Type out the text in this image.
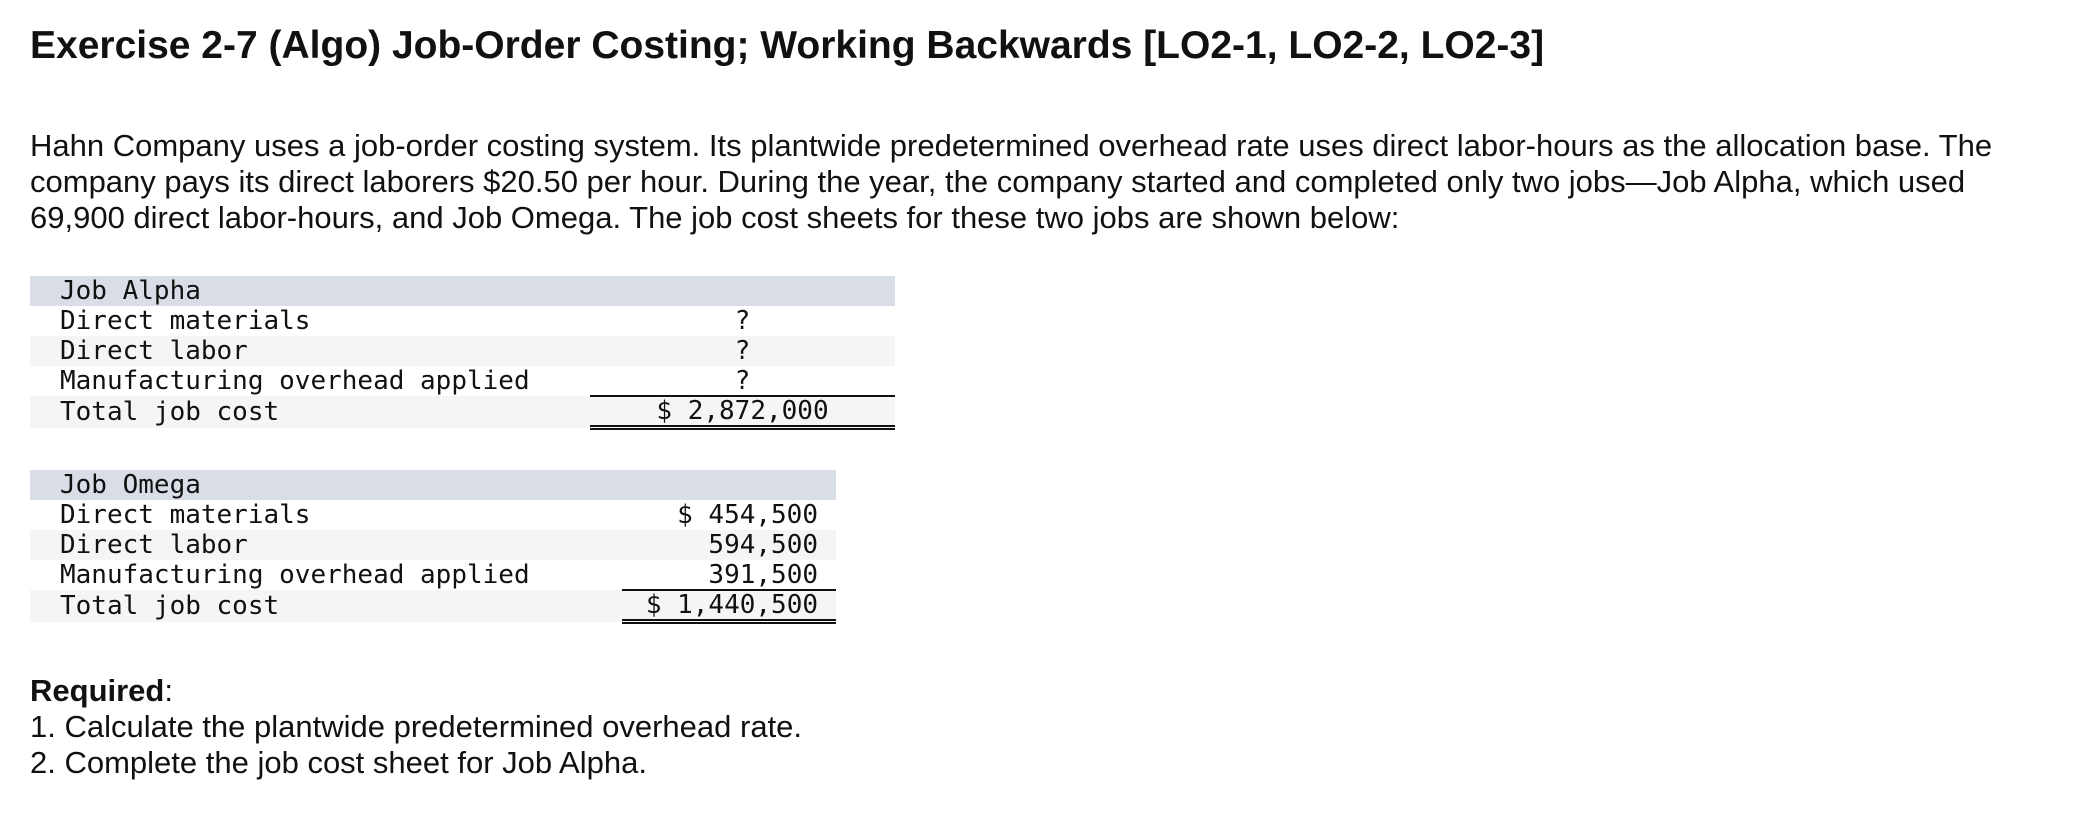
Exercise 2-7 (Algo) Job-Order Costing; Working Backwards [LO2-1, LO2-2, LO2-3]

Hahn Company uses a job-order costing system. Its plantwide predetermined overhead rate uses direct labor-hours as the allocation base. The company pays its direct laborers $20.50 per hour. During the year, the company started and completed only two jobs—Job Alpha, which used 69,900 direct labor-hours, and Job Omega. The job cost sheets for these two jobs are shown below:

Job Alpha	
Direct materials	?
Direct labor	?
Manufacturing overhead applied	?
Total job cost	$ 2,872,000
Job Omega	
Direct materials	$ 454,500
Direct labor	594,500
Manufacturing overhead applied	391,500
Total job cost	$ 1,440,500

Required:

1. Calculate the plantwide predetermined overhead rate.
2. Complete the job cost sheet for Job Alpha.
